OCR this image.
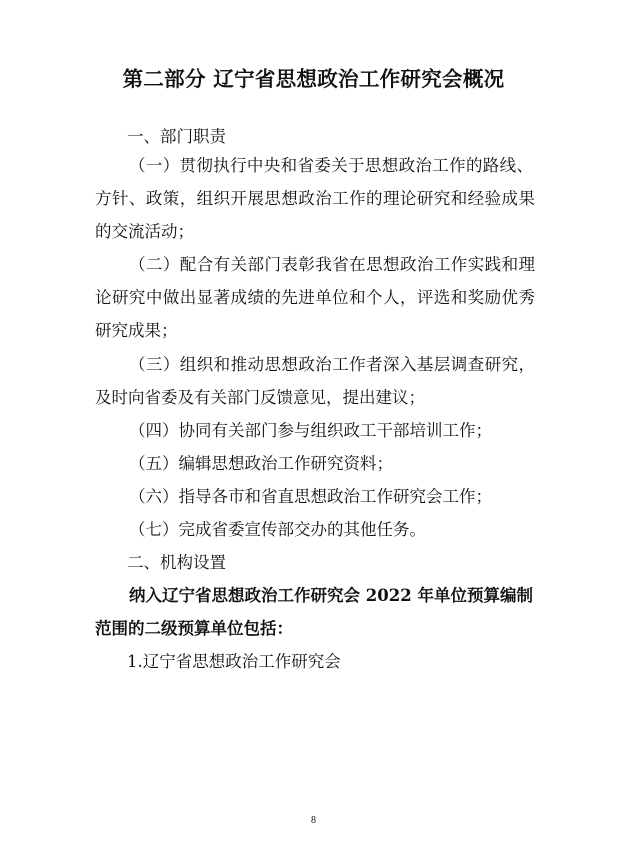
第二部分 辽宁省思想政治工作研究会概况
一、部门职责
（一）贯彻执行中央和省委关于思想政治工作的路线、
方针、政策，组织开展思想政治工作的理论研究和经验成果
的交流活动；
（二）配合有关部门表彰我省在思想政治工作实践和理
论研究中做出显著成绩的先进单位和个人，评选和奖励优秀
研究成果；
（三）组织和推动思想政治工作者深入基层调查研究，
及时向省委及有关部门反馈意见，提出建议；
（四）协同有关部门参与组织政工干部培训工作；
（五）编辑思想政治工作研究资料；
（六）指导各市和省直思想政治工作研究会工作；
（七）完成省委宣传部交办的其他任务。
二、机构设置
纳入辽宁省思想政治工作研究会 2022 年单位预算编制
范围的二级预算单位包括：
1.辽宁省思想政治工作研究会
8
